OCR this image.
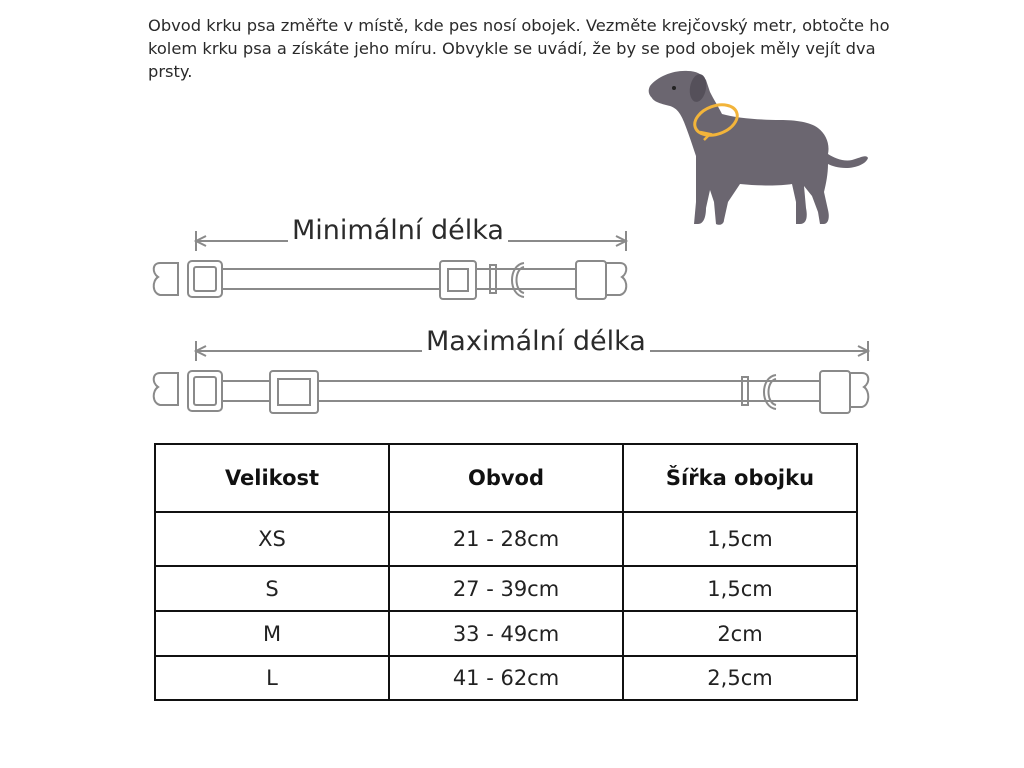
Obvod krku psa změřte v místě, kde pes nosí obojek. Vezměte krejčovský metr, obtočte ho kolem krku psa a získáte jeho míru. Obvykle se uvádí, že by se pod obojek měly vejít dva prsty.
Minimální délka
Maximální délka
Velikost	Obvod	Šířka obojku
XS	21 - 28cm	1,5cm
S	27 - 39cm	1,5cm
M	33 - 49cm	2cm
L	41 - 62cm	2,5cm
